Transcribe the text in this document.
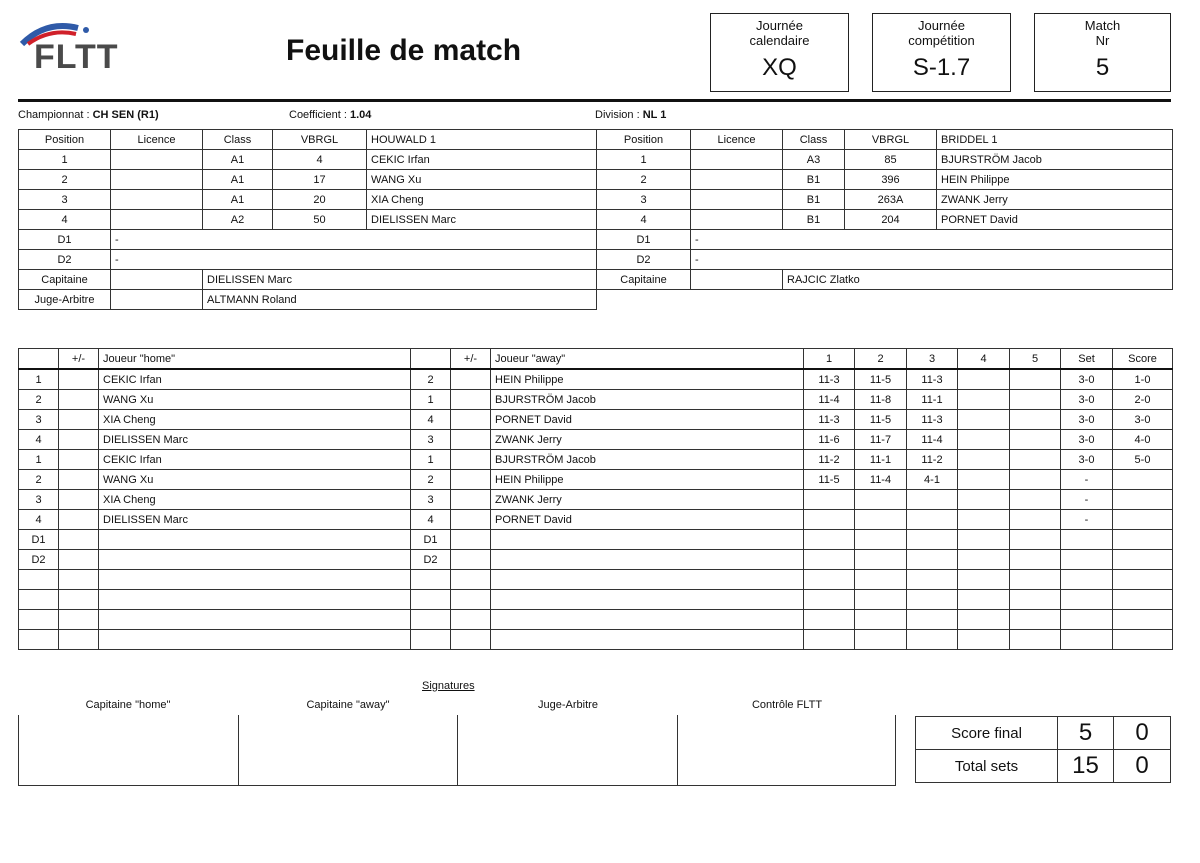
FLTT	Feuille de match
Journée
calendaire
XQ
Journée
compétition
S-1.7
Match
Nr
5
Championnat : CH SEN (R1)	Coefficient : 1.04	Division : NL 1
Position	Licence	Class	VBRGL	HOUWALD 1	Position	Licence	Class	VBRGL	BRIDDEL 1
1		A1	4	CEKIC Irfan	1		A3	85	BJURSTRÖM Jacob
2		A1	17	WANG Xu	2		B1	396	HEIN Philippe
3		A1	20	XIA Cheng	3		B1	263A	ZWANK Jerry
4		A2	50	DIELISSEN Marc	4		B1	204	PORNET David
D1	-				D1	-			
D2	-				D2	-			
Capitaine		DIELISSEN Marc			Capitaine		RAJCIC Zlatko		
Juge-Arbitre		ALTMANN Roland							
	+/-	Joueur "home"		+/-	Joueur "away"	1	2	3	4	5	Set	Score
1		CEKIC Irfan	2		HEIN Philippe	11-3	11-5	11-3			3-0	1-0
2		WANG Xu	1		BJURSTRÖM Jacob	11-4	11-8	11-1			3-0	2-0
3		XIA Cheng	4		PORNET David	11-3	11-5	11-3			3-0	3-0
4		DIELISSEN Marc	3		ZWANK Jerry	11-6	11-7	11-4			3-0	4-0
1		CEKIC Irfan	1		BJURSTRÖM Jacob	11-2	11-1	11-2			3-0	5-0
2		WANG Xu	2		HEIN Philippe	11-5	11-4	4-1			-	
3		XIA Cheng	3		ZWANK Jerry						-	
4		DIELISSEN Marc	4		PORNET David						-	
D1			D1									
D2			D2									

Signatures
Capitaine "home"	Capitaine "away"	Juge-Arbitre	Contrôle FLTT
Score final	5	0
Total sets	15	0
